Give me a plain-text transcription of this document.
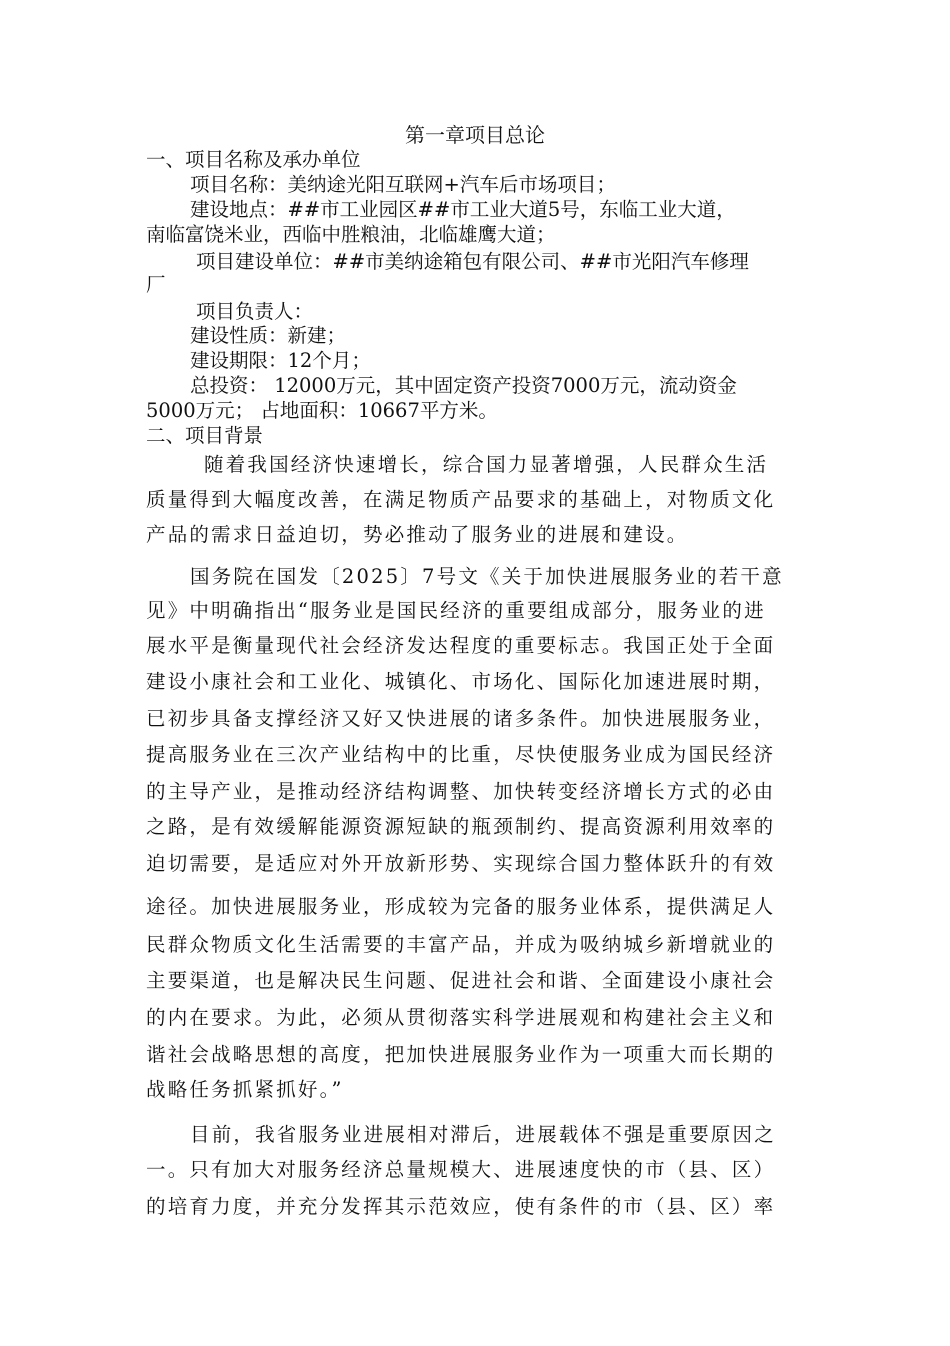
第一章项目总论
一、项目名称及承办单位
项目名称：美纳途光阳互联网+汽车后市场项目；
建设地点：##市工业园区##市工业大道5号，东临工业大道，
南临富饶米业，西临中胜粮油，北临雄鹰大道；
项目建设单位：##市美纳途箱包有限公司、##市光阳汽车修理
厂
项目负责人：
建设性质：新建；
建设期限：12个月；
总投资： 12000万元，其中固定资产投资7000万元，流动资金
5000万元； 占地面积：10667平方米。
二、项目背景
随着我国经济快速增长，综合国力显著增强，人民群众生活
质量得到大幅度改善，在满足物质产品要求的基础上，对物质文化
产品的需求日益迫切，势必推动了服务业的进展和建设。
国务院在国发〔2025〕7号文《关于加快进展服务业的若干意
见》中明确指出“服务业是国民经济的重要组成部分，服务业的进
展水平是衡量现代社会经济发达程度的重要标志。我国正处于全面
建设小康社会和工业化、城镇化、市场化、国际化加速进展时期，
已初步具备支撑经济又好又快进展的诸多条件。加快进展服务业，
提高服务业在三次产业结构中的比重，尽快使服务业成为国民经济
的主导产业，是推动经济结构调整、加快转变经济增长方式的必由
之路，是有效缓解能源资源短缺的瓶颈制约、提高资源利用效率的
迫切需要，是适应对外开放新形势、实现综合国力整体跃升的有效
途径。加快进展服务业，形成较为完备的服务业体系，提供满足人
民群众物质文化生活需要的丰富产品，并成为吸纳城乡新增就业的
主要渠道，也是解决民生问题、促进社会和谐、全面建设小康社会
的内在要求。为此，必须从贯彻落实科学进展观和构建社会主义和
谐社会战略思想的高度，把加快进展服务业作为一项重大而长期的
战略任务抓紧抓好。”
目前，我省服务业进展相对滞后，进展载体不强是重要原因之
一。只有加大对服务经济总量规模大、进展速度快的市（县、区）
的培育力度，并充分发挥其示范效应，使有条件的市（县、区）率
